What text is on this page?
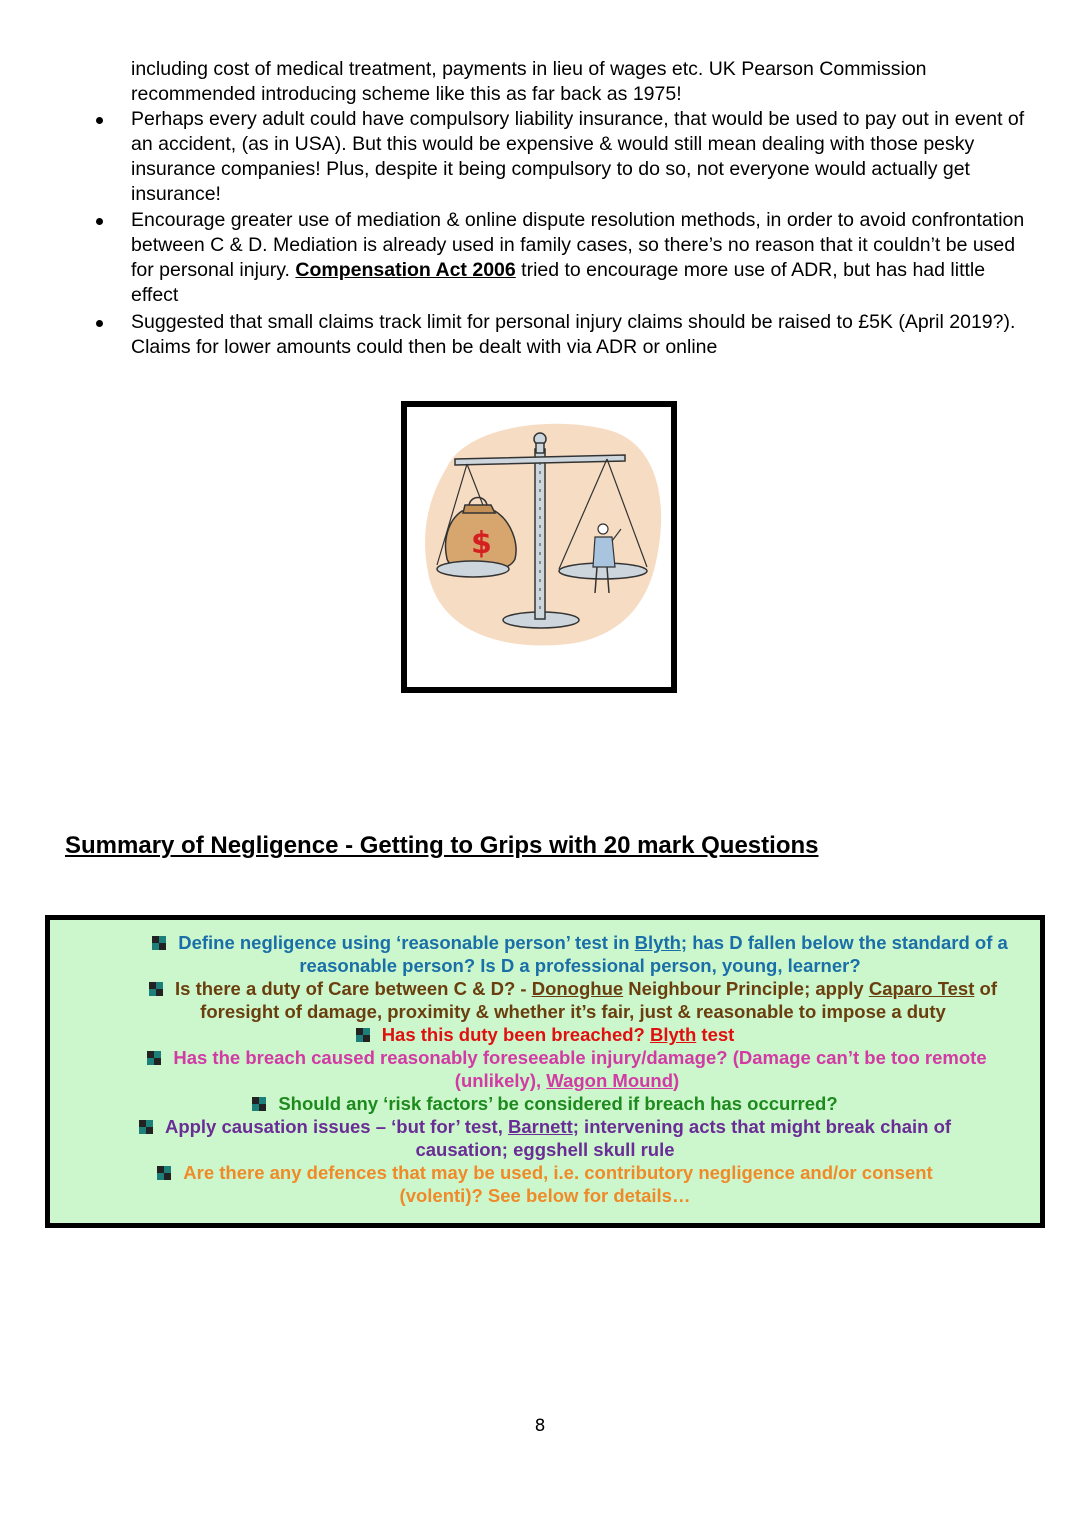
including cost of medical treatment, payments in lieu of wages etc. UK Pearson Commission

recommended introducing scheme like this as far back as 1975!

Perhaps every adult could have compulsory liability insurance, that would be used to pay out in event of an accident, (as in USA). But this would be expensive & would still mean dealing with those pesky insurance companies! Plus, despite it being compulsory to do so, not everyone would actually get insurance!
Encourage greater use of mediation & online dispute resolution methods, in order to avoid confrontation between C & D. Mediation is already used in family cases, so there’s no reason that it couldn’t be used for personal injury. Compensation Act 2006 tried to encourage more use of ADR, but has had little effect
Suggested that small claims track limit for personal injury claims should be raised to £5K (April 2019?). Claims for lower amounts could then be dealt with via ADR or online
$
Summary of Negligence - Getting to Grips with 20 mark Questions
Define negligence using ‘reasonable person’ test in Blyth; has D fallen below the standard of a
reasonable person? Is D a professional person, young, learner?
Is there a duty of Care between C & D? - Donoghue Neighbour Principle; apply Caparo Test of
foresight of damage, proximity & whether it’s fair, just & reasonable to impose a duty
Has this duty been breached? Blyth test
Has the breach caused reasonably foreseeable injury/damage? (Damage can’t be too remote
(unlikely), Wagon Mound)
Should any ‘risk factors’ be considered if breach has occurred?
Apply causation issues – ‘but for’ test, Barnett; intervening acts that might break chain of
causation; eggshell skull rule
Are there any defences that may be used, i.e. contributory negligence and/or consent
(volenti)? See below for details…
8
